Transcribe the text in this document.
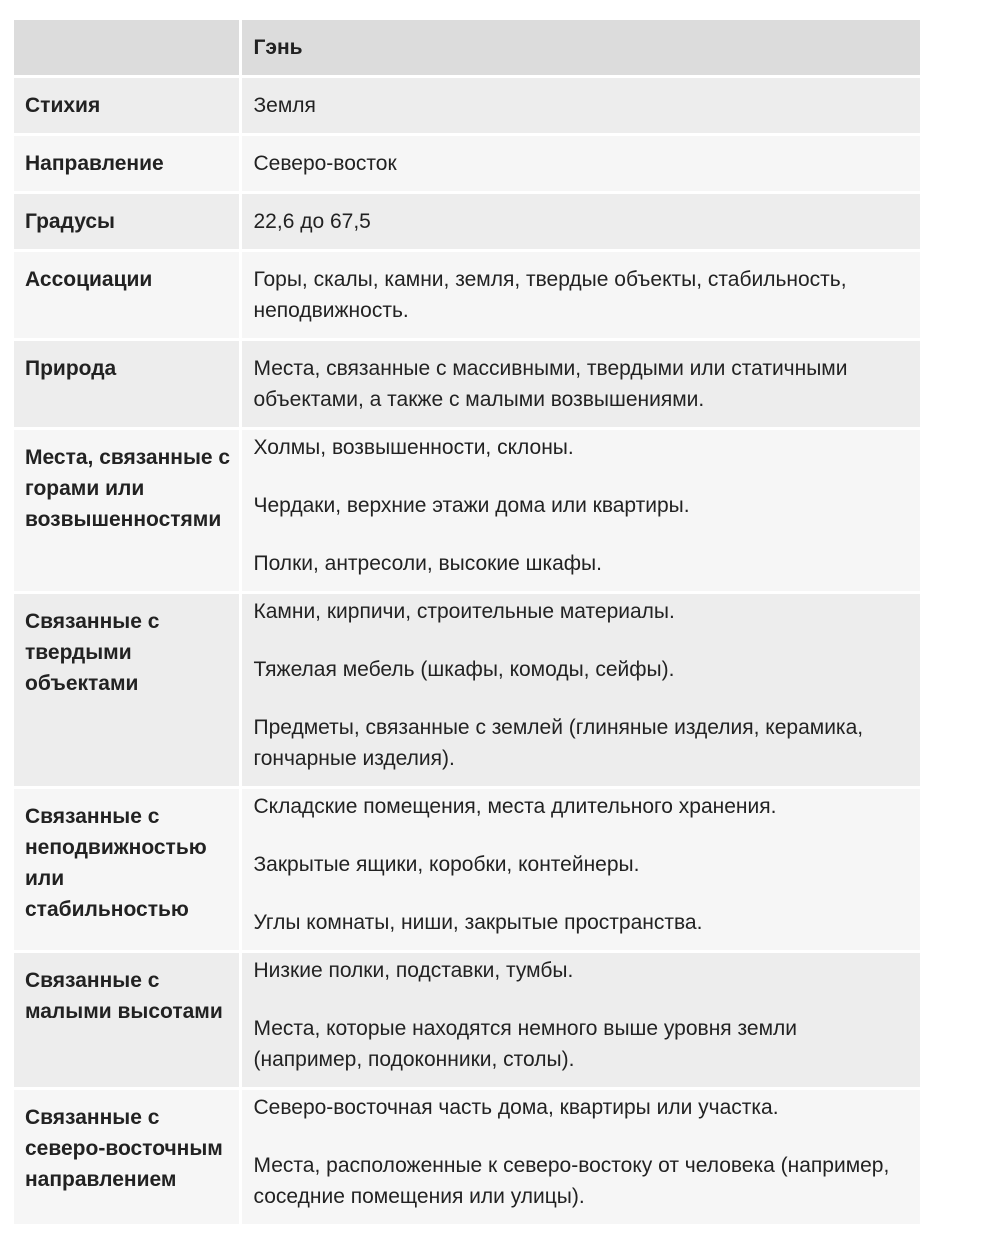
	Гэнь
Стихия	Земля

Направление	Северо-восток

Градусы	22,6 до 67,5

Ассоциации	Горы, скалы, камни, земля, твердые объекты, стабильность, неподвижность.

Природа	Места, связанные с массивными, твердыми или статичными объектами, а также с малыми возвышениями.

Места, связанные с горами или возвышенностями	Холмы, возвышенности, склоны.
Чердаки, верхние этажи дома или квартиры.
Полки, антресоли, высокие шкафы.

Связанные с твердыми объектами	Камни, кирпичи, строительные материалы.
Тяжелая мебель (шкафы, комоды, сейфы).
Предметы, связанные с землей (глиняные изделия, керамика, гончарные изделия).

Связанные с неподвижностью или стабильностью	Складские помещения, места длительного хранения.
Закрытые ящики, коробки, контейнеры.
Углы комнаты, ниши, закрытые пространства.

Связанные с малыми высотами	Низкие полки, подставки, тумбы.
Места, которые находятся немного выше уровня земли (например, подоконники, столы).

Связанные с северо-восточным направлением	Северо-восточная часть дома, квартиры или участка.
Места, расположенные к северо-востоку от человека (например, соседние помещения или улицы).
